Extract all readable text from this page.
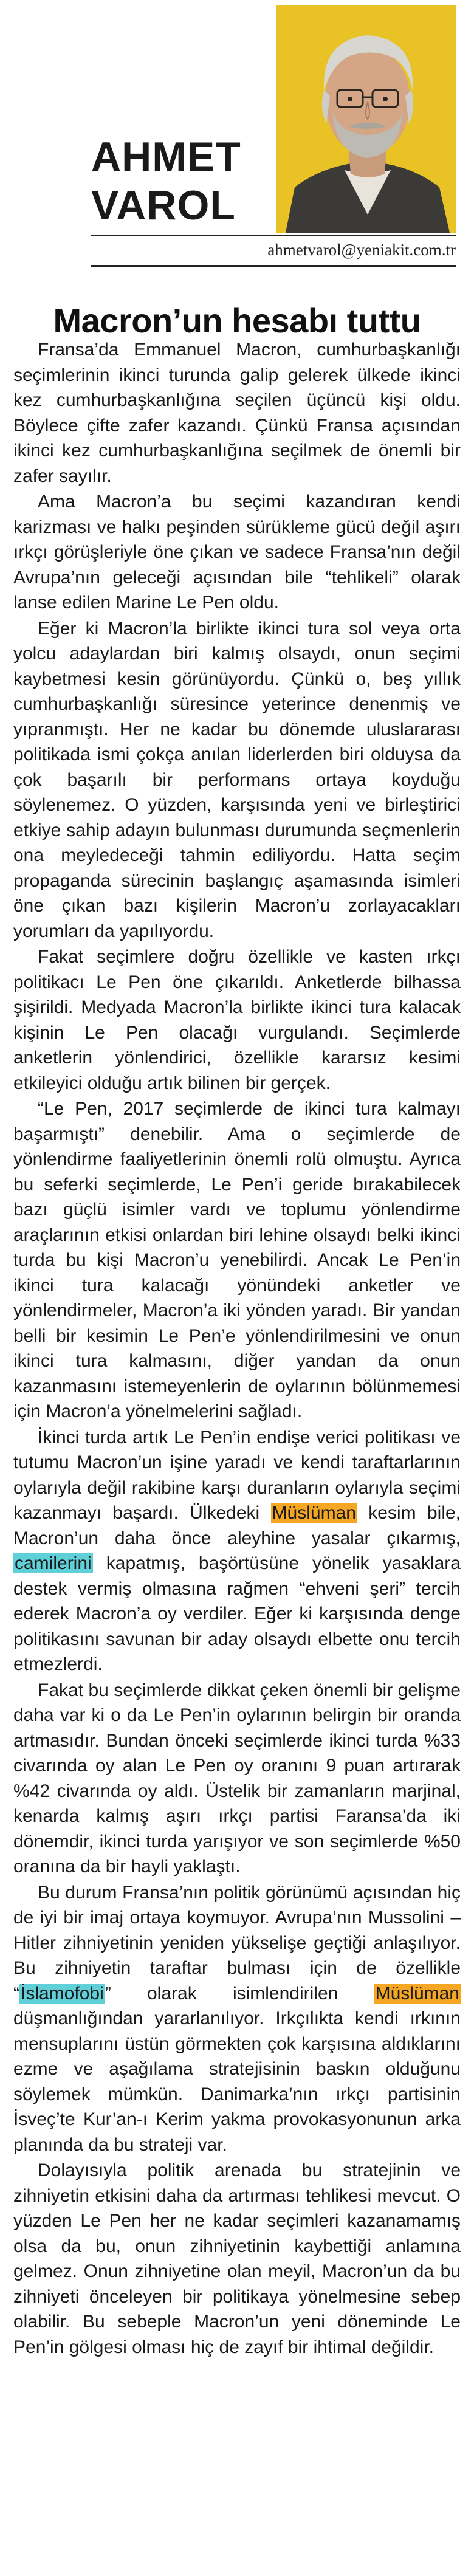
AHMET
VAROL
ahmetvarol@yeniakit.com.tr
Macron’un hesabı tuttu

Fransa’da Emmanuel Macron, cumhurbaşkanlığı seçimlerinin ikinci turunda galip gelerek ülkede ikinci kez cumhurbaşkanlığına seçilen üçüncü kişi oldu. Böylece çifte zafer kazandı. Çünkü Fransa açısından ikinci kez cumhurbaşkanlığına seçilmek de önemli bir zafer sayılır.

Ama Macron’a bu seçimi kazandıran kendi karizması ve halkı peşinden sürükleme gücü değil aşırı ırkçı görüşleriyle öne çıkan ve sadece Fransa’nın değil Avrupa’nın geleceği açısından bile “tehlikeli” olarak lanse edilen Marine Le Pen oldu.

Eğer ki Macron’la birlikte ikinci tura sol veya orta yolcu adaylardan biri kalmış olsaydı, onun seçimi kaybetmesi kesin görünüyordu. Çünkü o, beş yıllık cumhurbaşkanlığı süresince yeterince denenmiş ve yıpranmıştı. Her ne kadar bu dönemde uluslararası politikada ismi çokça anılan liderlerden biri olduysa da çok başarılı bir performans ortaya koyduğu söylenemez. O yüzden, karşısında yeni ve birleştirici etkiye sahip adayın bulunması durumunda seçmenlerin ona meyledeceği tahmin ediliyordu. Hatta seçim propaganda sürecinin başlangıç aşamasında isimleri öne çıkan bazı kişilerin Macron’u zorlayacakları yorumları da yapılıyordu.

Fakat seçimlere doğru özellikle ve kasten ırkçı politikacı Le Pen öne çıkarıldı. Anketlerde bilhassa şişirildi. Medyada Macron’la birlikte ikinci tura kalacak kişinin Le Pen olacağı vurgulandı. Seçimlerde anketlerin yönlendirici, özellikle kararsız kesimi etkileyici olduğu artık bilinen bir gerçek.

“Le Pen, 2017 seçimlerde de ikinci tura kalmayı başarmıştı” denebilir. Ama o seçimlerde de yönlendirme faaliyetlerinin önemli rolü olmuştu. Ayrıca bu seferki seçimlerde, Le Pen’i geride bırakabilecek bazı güçlü isimler vardı ve toplumu yönlendirme araçlarının etkisi onlardan biri lehine olsaydı belki ikinci turda bu kişi Macron’u yenebilirdi. Ancak Le Pen’in ikinci tura kalacağı yönündeki anketler ve yönlendirmeler, Macron’a iki yönden yaradı. Bir yandan belli bir kesimin Le Pen’e yönlendirilmesini ve onun ikinci tura kalmasını, diğer yandan da onun kazanmasını istemeyenlerin de oylarının bölünmemesi için Macron’a yönelmelerini sağladı.

İkinci turda artık Le Pen’in endişe verici politikası ve tutumu Macron’un işine yaradı ve kendi taraftarlarının oylarıyla değil rakibine karşı duranların oylarıyla seçimi kazanmayı başardı. Ülkedeki Müslüman kesim bile, Macron’un daha önce aleyhine yasalar çıkarmış, camilerini kapatmış, başörtüsüne yönelik yasaklara destek vermiş olmasına rağmen “ehveni şeri” tercih ederek Macron’a oy verdiler. Eğer ki karşısında denge politikasını savunan bir aday olsaydı elbette onu tercih etmezlerdi.

Fakat bu seçimlerde dikkat çeken önemli bir gelişme daha var ki o da Le Pen’in oylarının belirgin bir oranda artmasıdır. Bundan önceki seçimlerde ikinci turda %33 civarında oy alan Le Pen oy oranını 9 puan artırarak %42 civarında oy aldı. Üstelik bir zamanların marjinal, kenarda kalmış aşırı ırkçı partisi Faransa’da iki dönemdir, ikinci turda yarışıyor ve son seçimlerde %50 oranına da bir hayli yaklaştı.

Bu durum Fransa’nın politik görünümü açısından hiç de iyi bir imaj ortaya koymuyor. Avrupa’nın Mussolini – Hitler zihniyetinin yeniden yükselişe geçtiği anlaşılıyor. Bu zihniyetin taraftar bulması için de özellikle “İslamofobi” olarak isimlendirilen Müslüman düşmanlığından yararlanılıyor. Irkçılıkta kendi ırkının mensuplarını üstün görmekten çok karşısına aldıklarını ezme ve aşağılama stratejisinin baskın olduğunu söylemek mümkün. Danimarka’nın ırkçı partisinin İsveç’te Kur’an-ı Kerim yakma provokasyonunun arka planında da bu strateji var.

Dolayısıyla politik arenada bu stratejinin ve zihniyetin etkisini daha da artırması tehlikesi mevcut. O yüzden Le Pen her ne kadar seçimleri kazanamamış olsa da bu, onun zihniyetinin kaybettiği anlamına gelmez. Onun zihniyetine olan meyil, Macron’un da bu zihniyeti önceleyen bir politikaya yönelmesine sebep olabilir. Bu sebeple Macron’un yeni döneminde Le Pen’in gölgesi olması hiç de zayıf bir ihtimal değildir.
